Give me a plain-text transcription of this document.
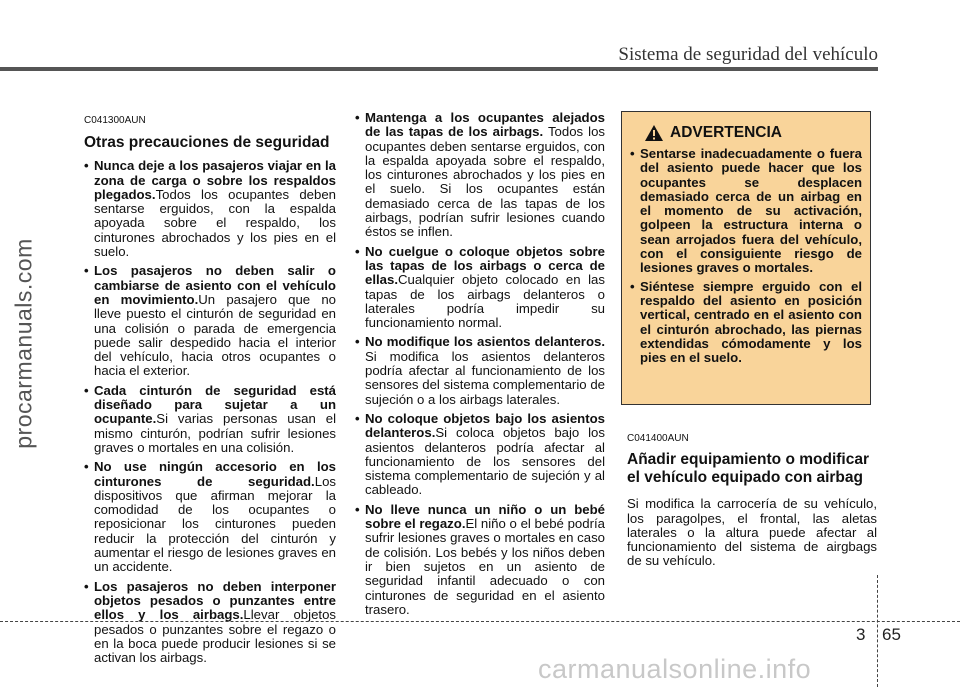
Sistema de seguridad del vehículo
procarmanuals.com
C041300AUN
Otras precauciones de seguridad
• Nunca deje a los pasajeros viajar en la zona de carga o sobre los respaldos plegados.Todos los ocupantes deben sentarse erguidos, con la espalda apoyada sobre el respaldo, los cinturones abrochados y los pies en el suelo.
• Los pasajeros no deben salir o cambiarse de asiento con el vehículo en movimiento.Un pasajero que no lleve puesto el cinturón de seguridad en una colisión o parada de emergencia puede salir despedido hacia el interior del vehículo, hacia otros ocupantes o hacia el exterior.
• Cada cinturón de seguridad está diseñado para sujetar a un ocupante.Si varias personas usan el mismo cinturón, podrían sufrir lesiones graves o mortales en una colisión.
• No use ningún accesorio en los cinturones de seguridad.Los dispositivos que afirman mejorar la comodidad de los ocupantes o reposicionar los cinturones pueden reducir la protección del cinturón y aumentar el riesgo de lesiones graves en un accidente.
• Los pasajeros no deben interponer objetos pesados o punzantes entre ellos y los airbags.Llevar objetos pesados o punzantes sobre el regazo o en la boca puede producir lesiones si se activan los airbags.
• Mantenga a los ocupantes alejados de las tapas de los airbags. Todos los ocupantes deben sentarse erguidos, con la espalda apoyada sobre el respaldo, los cinturones abrochados y los pies en el suelo. Si los ocupantes están demasiado cerca de las tapas de los airbags, podrían sufrir lesiones cuando éstos se inflen.
• No cuelgue o coloque objetos sobre las tapas de los airbags o cerca de ellas.Cualquier objeto colocado en las tapas de los airbags delanteros o laterales podría impedir su funcionamiento normal.
• No modifique los asientos delanteros. Si modifica los asientos delanteros podría afectar al funcionamiento de los sensores del sistema complementario de sujeción o a los airbags laterales.
• No coloque objetos bajo los asientos delanteros.Si coloca objetos bajo los asientos delanteros podría afectar al funcionamiento de los sensores del sistema complementario de sujeción y al cableado.
• No lleve nunca un niño o un bebé sobre el regazo.El niño o el bebé podría sufrir lesiones graves o mortales en caso de colisión. Los bebés y los niños deben ir bien sujetos en un asiento de seguridad infantil adecuado o con cinturones de seguridad en el asiento trasero.
ADVERTENCIA
• Sentarse inadecuadamente o fuera del asiento puede hacer que los ocupantes se desplacen demasiado cerca de un airbag en el momento de su activación, golpeen la estructura interna o sean arrojados fuera del vehículo, con el consiguiente riesgo de lesiones graves o mortales.
• Siéntese siempre erguido con el respaldo del asiento en posición vertical, centrado en el asiento con el cinturón abrochado, las piernas extendidas cómodamente y los pies en el suelo.
C041400AUN
Añadir equipamiento o modificar el vehículo equipado con airbag
Si modifica la carrocería de su vehículo, los paragolpes, el frontal, las aletas laterales o la altura puede afectar al funcionamiento del sistema de airgbags de su vehículo.
3 65
carmanualsonline.info
